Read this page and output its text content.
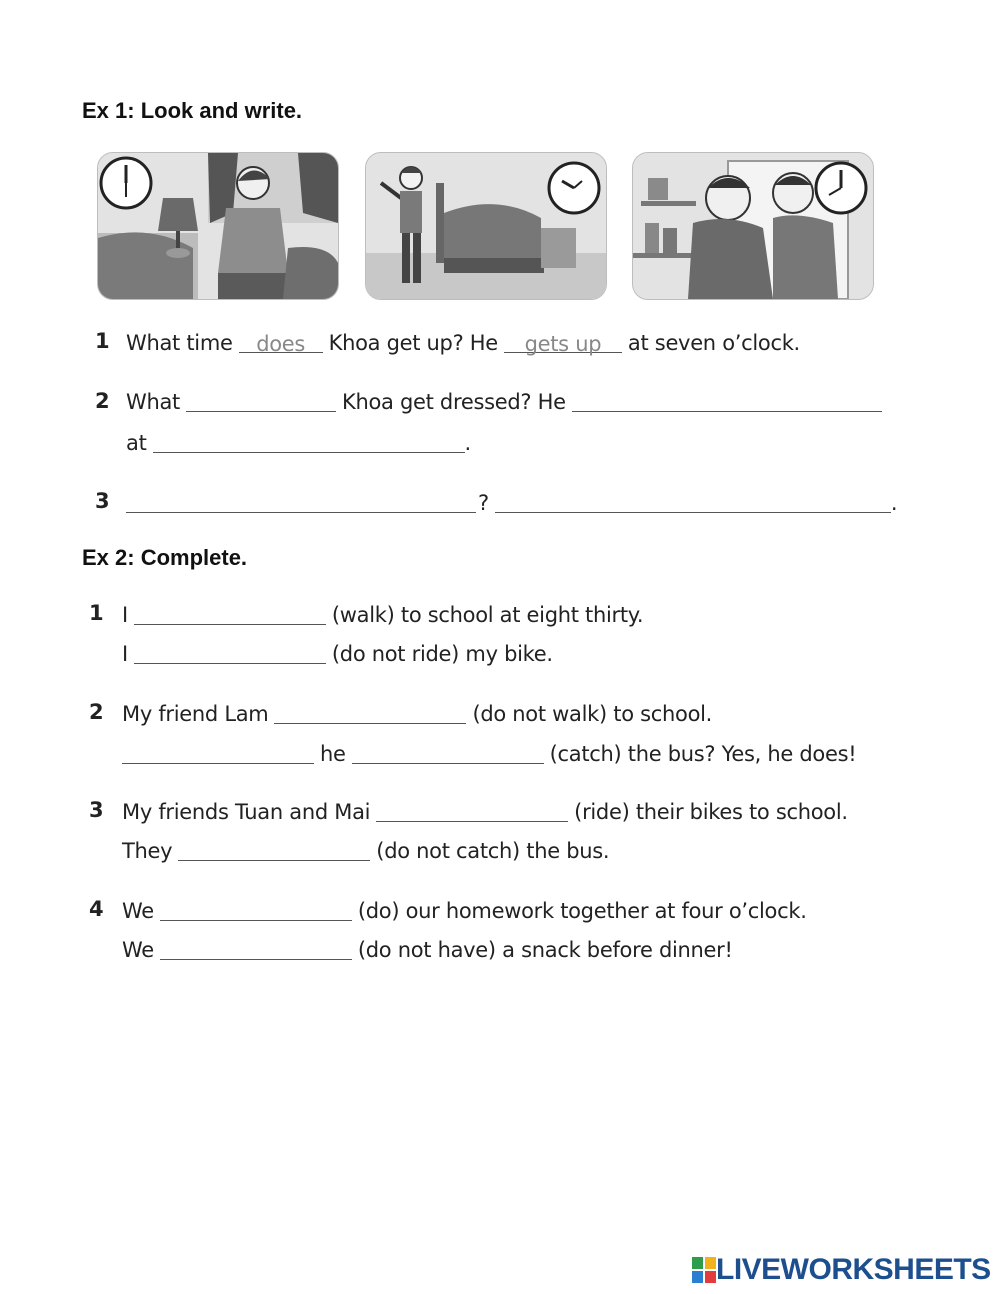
Ex 1: Look and write.
1 What time	does	Khoa get up? He	gets up	at seven o’clock.
2 What	Khoa get dressed? He
at	.
3	?	.
Ex 2: Complete.
1 I	(walk) to school at eight thirty.
I	(do not ride) my bike.
2 My friend Lam	(do not walk) to school.
he	(catch) the bus? Yes, he does!
3 My friends Tuan and Mai	(ride) their bikes to school.
They	(do not catch) the bus.
4 We	(do) our homework together at four o’clock.
We	(do not have) a snack before dinner!
LIVEWORKSHEETS
